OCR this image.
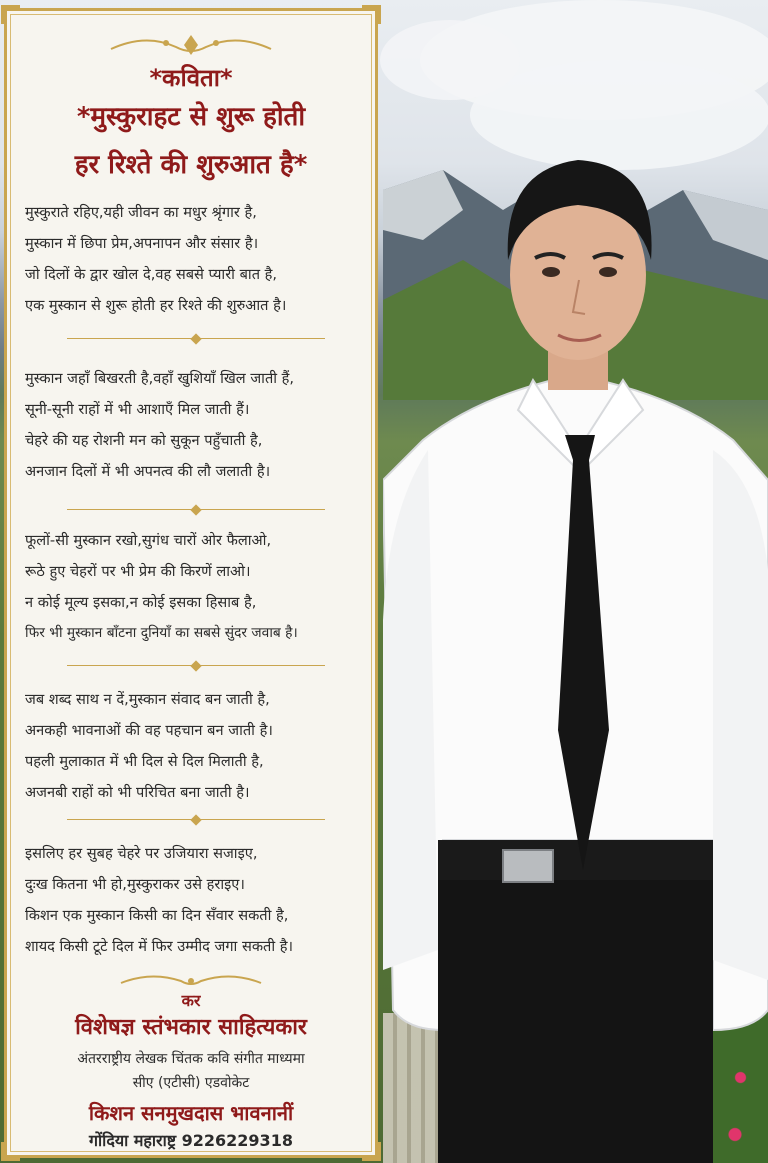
*कविता*
*मुस्कुराहट से शुरू होती
हर रिश्ते की शुरुआत है*
मुस्कुराते रहिए,यही जीवन का मधुर श्रृंगार है,
मुस्कान में छिपा प्रेम,अपनापन और संसार है।
जो दिलों के द्वार खोल दे,वह सबसे प्यारी बात है,
एक मुस्कान से शुरू होती हर रिश्ते की शुरुआत है।
मुस्कान जहाँ बिखरती है,वहाँ खुशियाँ खिल जाती हैं,
सूनी-सूनी राहों में भी आशाएँ मिल जाती हैं।
चेहरे की यह रोशनी मन को सुकून पहुँचाती है,
अनजान दिलों में भी अपनत्व की लौ जलाती है।
फूलों-सी मुस्कान रखो,सुगंध चारों ओर फैलाओ,
रूठे हुए चेहरों पर भी प्रेम की किरणें लाओ।
न कोई मूल्य इसका,न कोई इसका हिसाब है,
फिर भी मुस्कान बाँटना दुनियाँ का सबसे सुंदर जवाब है।
जब शब्द साथ न दें,मुस्कान संवाद बन जाती है,
अनकही भावनाओं की वह पहचान बन जाती है।
पहली मुलाकात में भी दिल से दिल मिलाती है,
अजनबी राहों को भी परिचित बना जाती है।
इसलिए हर सुबह चेहरे पर उजियारा सजाइए,
दुःख कितना भी हो,मुस्कुराकर उसे हराइए।
किशन एक मुस्कान किसी का दिन सँवार सकती है,
शायद किसी टूटे दिल में फिर उम्मीद जगा सकती है।
कर
विशेषज्ञ स्तंभकार साहित्यकार
अंतरराष्ट्रीय लेखक चिंतक कवि संगीत माध्यमा
सीए (एटीसी) एडवोकेट
किशन सनमुखदास भावनानीं
गोंदिया महाराष्ट्र 9226229318
